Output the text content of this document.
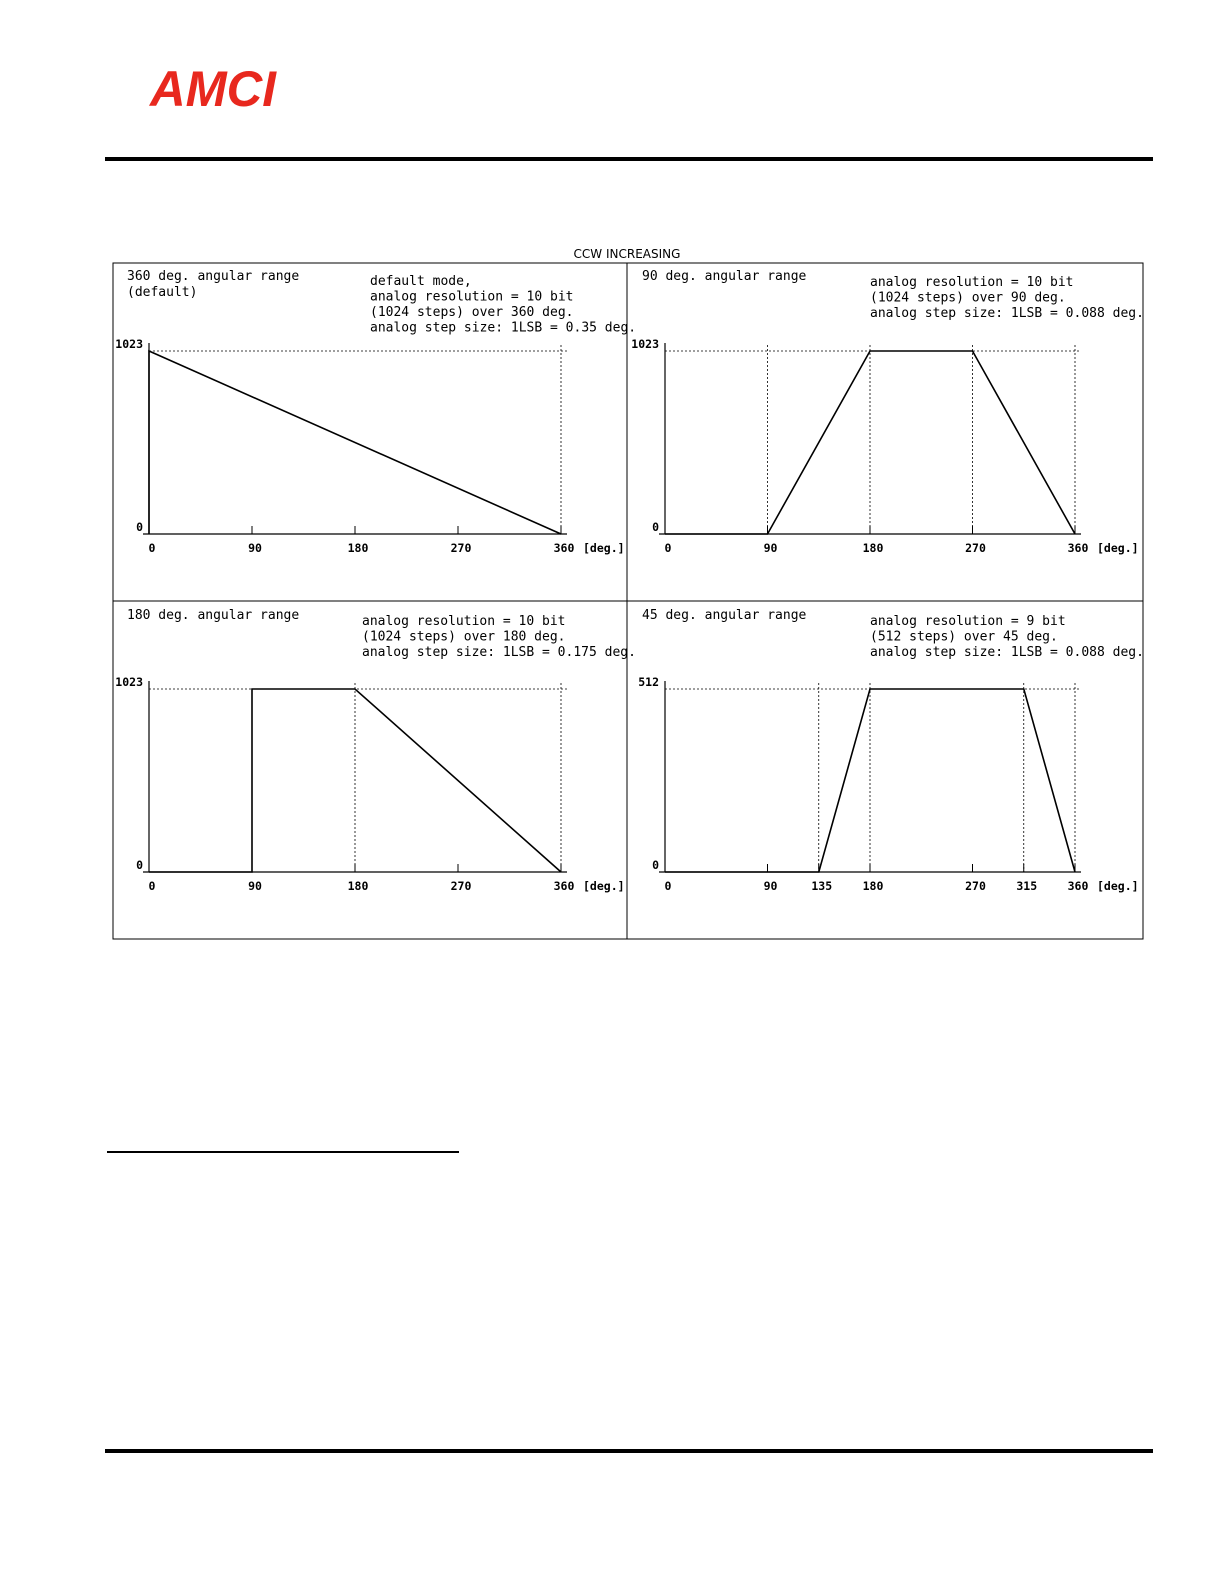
AMCI
CCW INCREASING
360 deg. angular range
(default)
default mode,
analog resolution = 10 bit
(1024 steps) over 360 deg.
analog step size: 1LSB = 0.35 deg.
0	90	180	270	360 [deg.]
0
1023
90 deg. angular range	analog resolution = 10 bit
(1024 steps) over 90 deg.
analog step size: 1LSB = 0.088 deg.
0	90	180	270	360 [deg.]
0
1023
180 deg. angular range	analog resolution = 10 bit
(1024 steps) over 180 deg.
analog step size: 1LSB = 0.175 deg.
0	90	180	270	360 [deg.]
0
1023
45 deg. angular range	analog resolution = 9 bit
(512 steps) over 45 deg.
analog step size: 1LSB = 0.088 deg.
0	90	135	180	270	315	360 [deg.]
0
512
